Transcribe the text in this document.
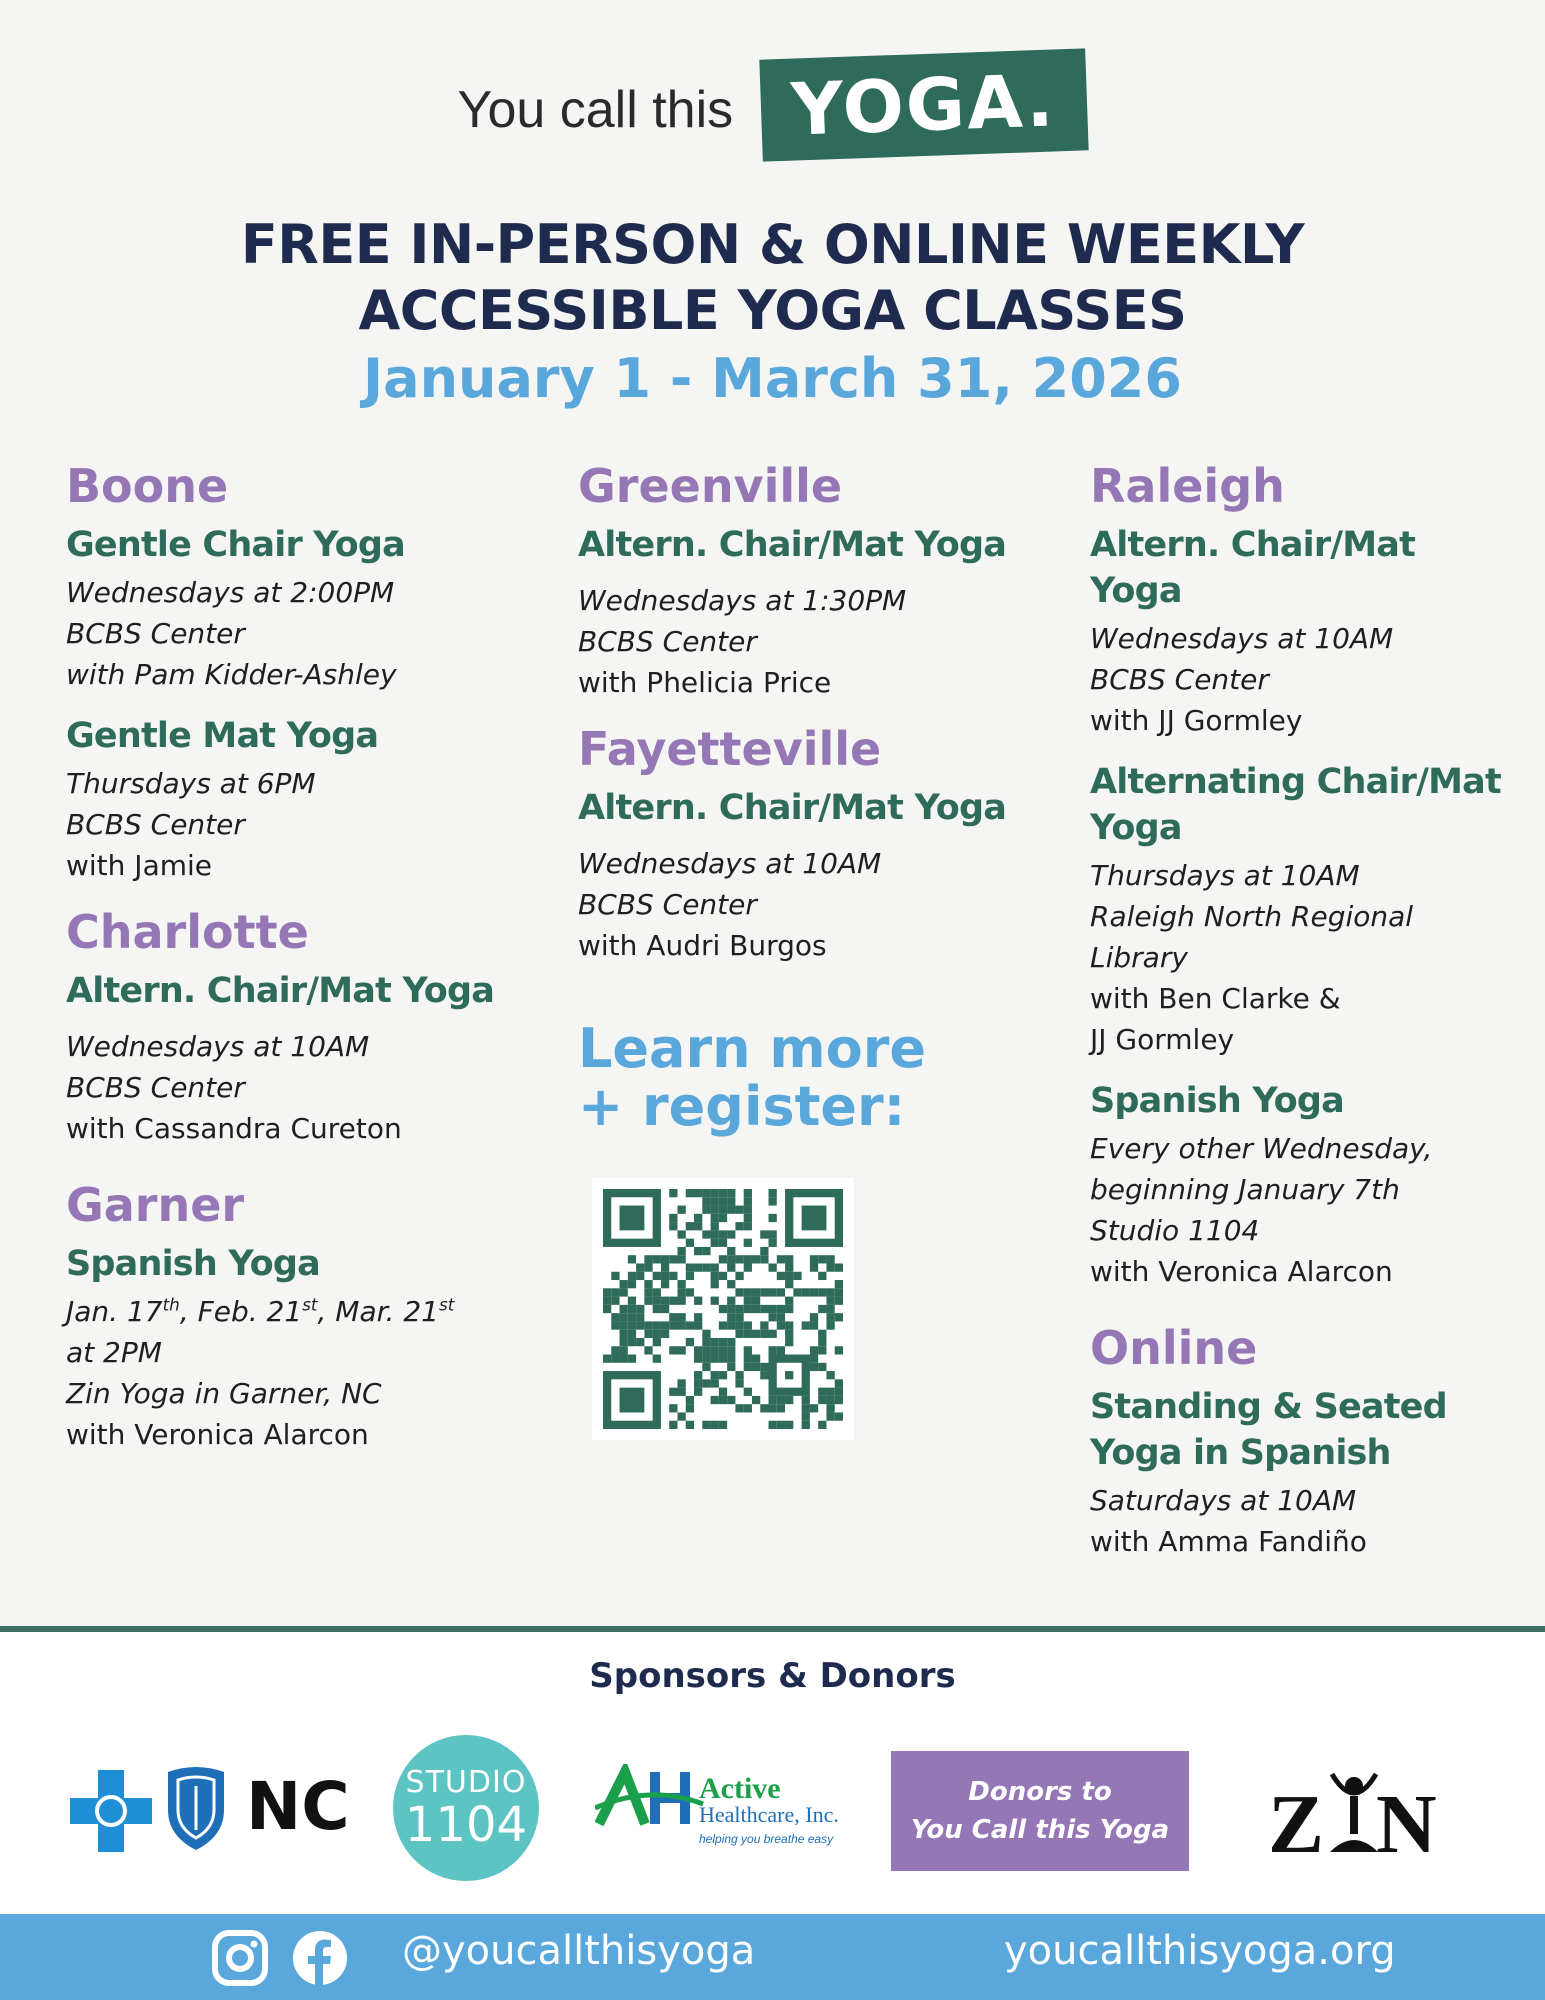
You call this YOGA.
FREE IN-PERSON & ONLINE WEEKLY
ACCESSIBLE YOGA CLASSES
January 1 - March 31, 2026
Boone
Gentle Chair Yoga
Wednesdays at 2:00PM
BCBS Center
with Pam Kidder-Ashley
Gentle Mat Yoga
Thursdays at 6PM
BCBS Center
with Jamie
Charlotte
Altern. Chair/Mat Yoga
Wednesdays at 10AM
BCBS Center
with Cassandra Cureton
Garner
Spanish Yoga
Jan. 17th, Feb. 21st, Mar. 21st
at 2PM
Zin Yoga in Garner, NC
with Veronica Alarcon
Greenville
Altern. Chair/Mat Yoga
Wednesdays at 1:30PM
BCBS Center
with Phelicia Price
Fayetteville
Altern. Chair/Mat Yoga
Wednesdays at 10AM
BCBS Center
with Audri Burgos
Learn more
+ register:
Raleigh
Altern. Chair/Mat Yoga
Wednesdays at 10AM
BCBS Center
with JJ Gormley
Alternating Chair/Mat
Yoga
Thursdays at 10AM
Raleigh North Regional
Library
with Ben Clarke &
JJ Gormley
Spanish Yoga
Every other Wednesday,
beginning January 7th
Studio 1104
with Veronica Alarcon
Online
Standing & Seated
Yoga in Spanish
Saturdays at 10AM
with Amma Fandiño
Sponsors & Donors
NC	STUDIO
1104
Active
Healthcare, Inc.
helping you breathe easy
Donors to
You Call this Yoga Z N
@youcallthisyoga	youcallthisyoga.org
